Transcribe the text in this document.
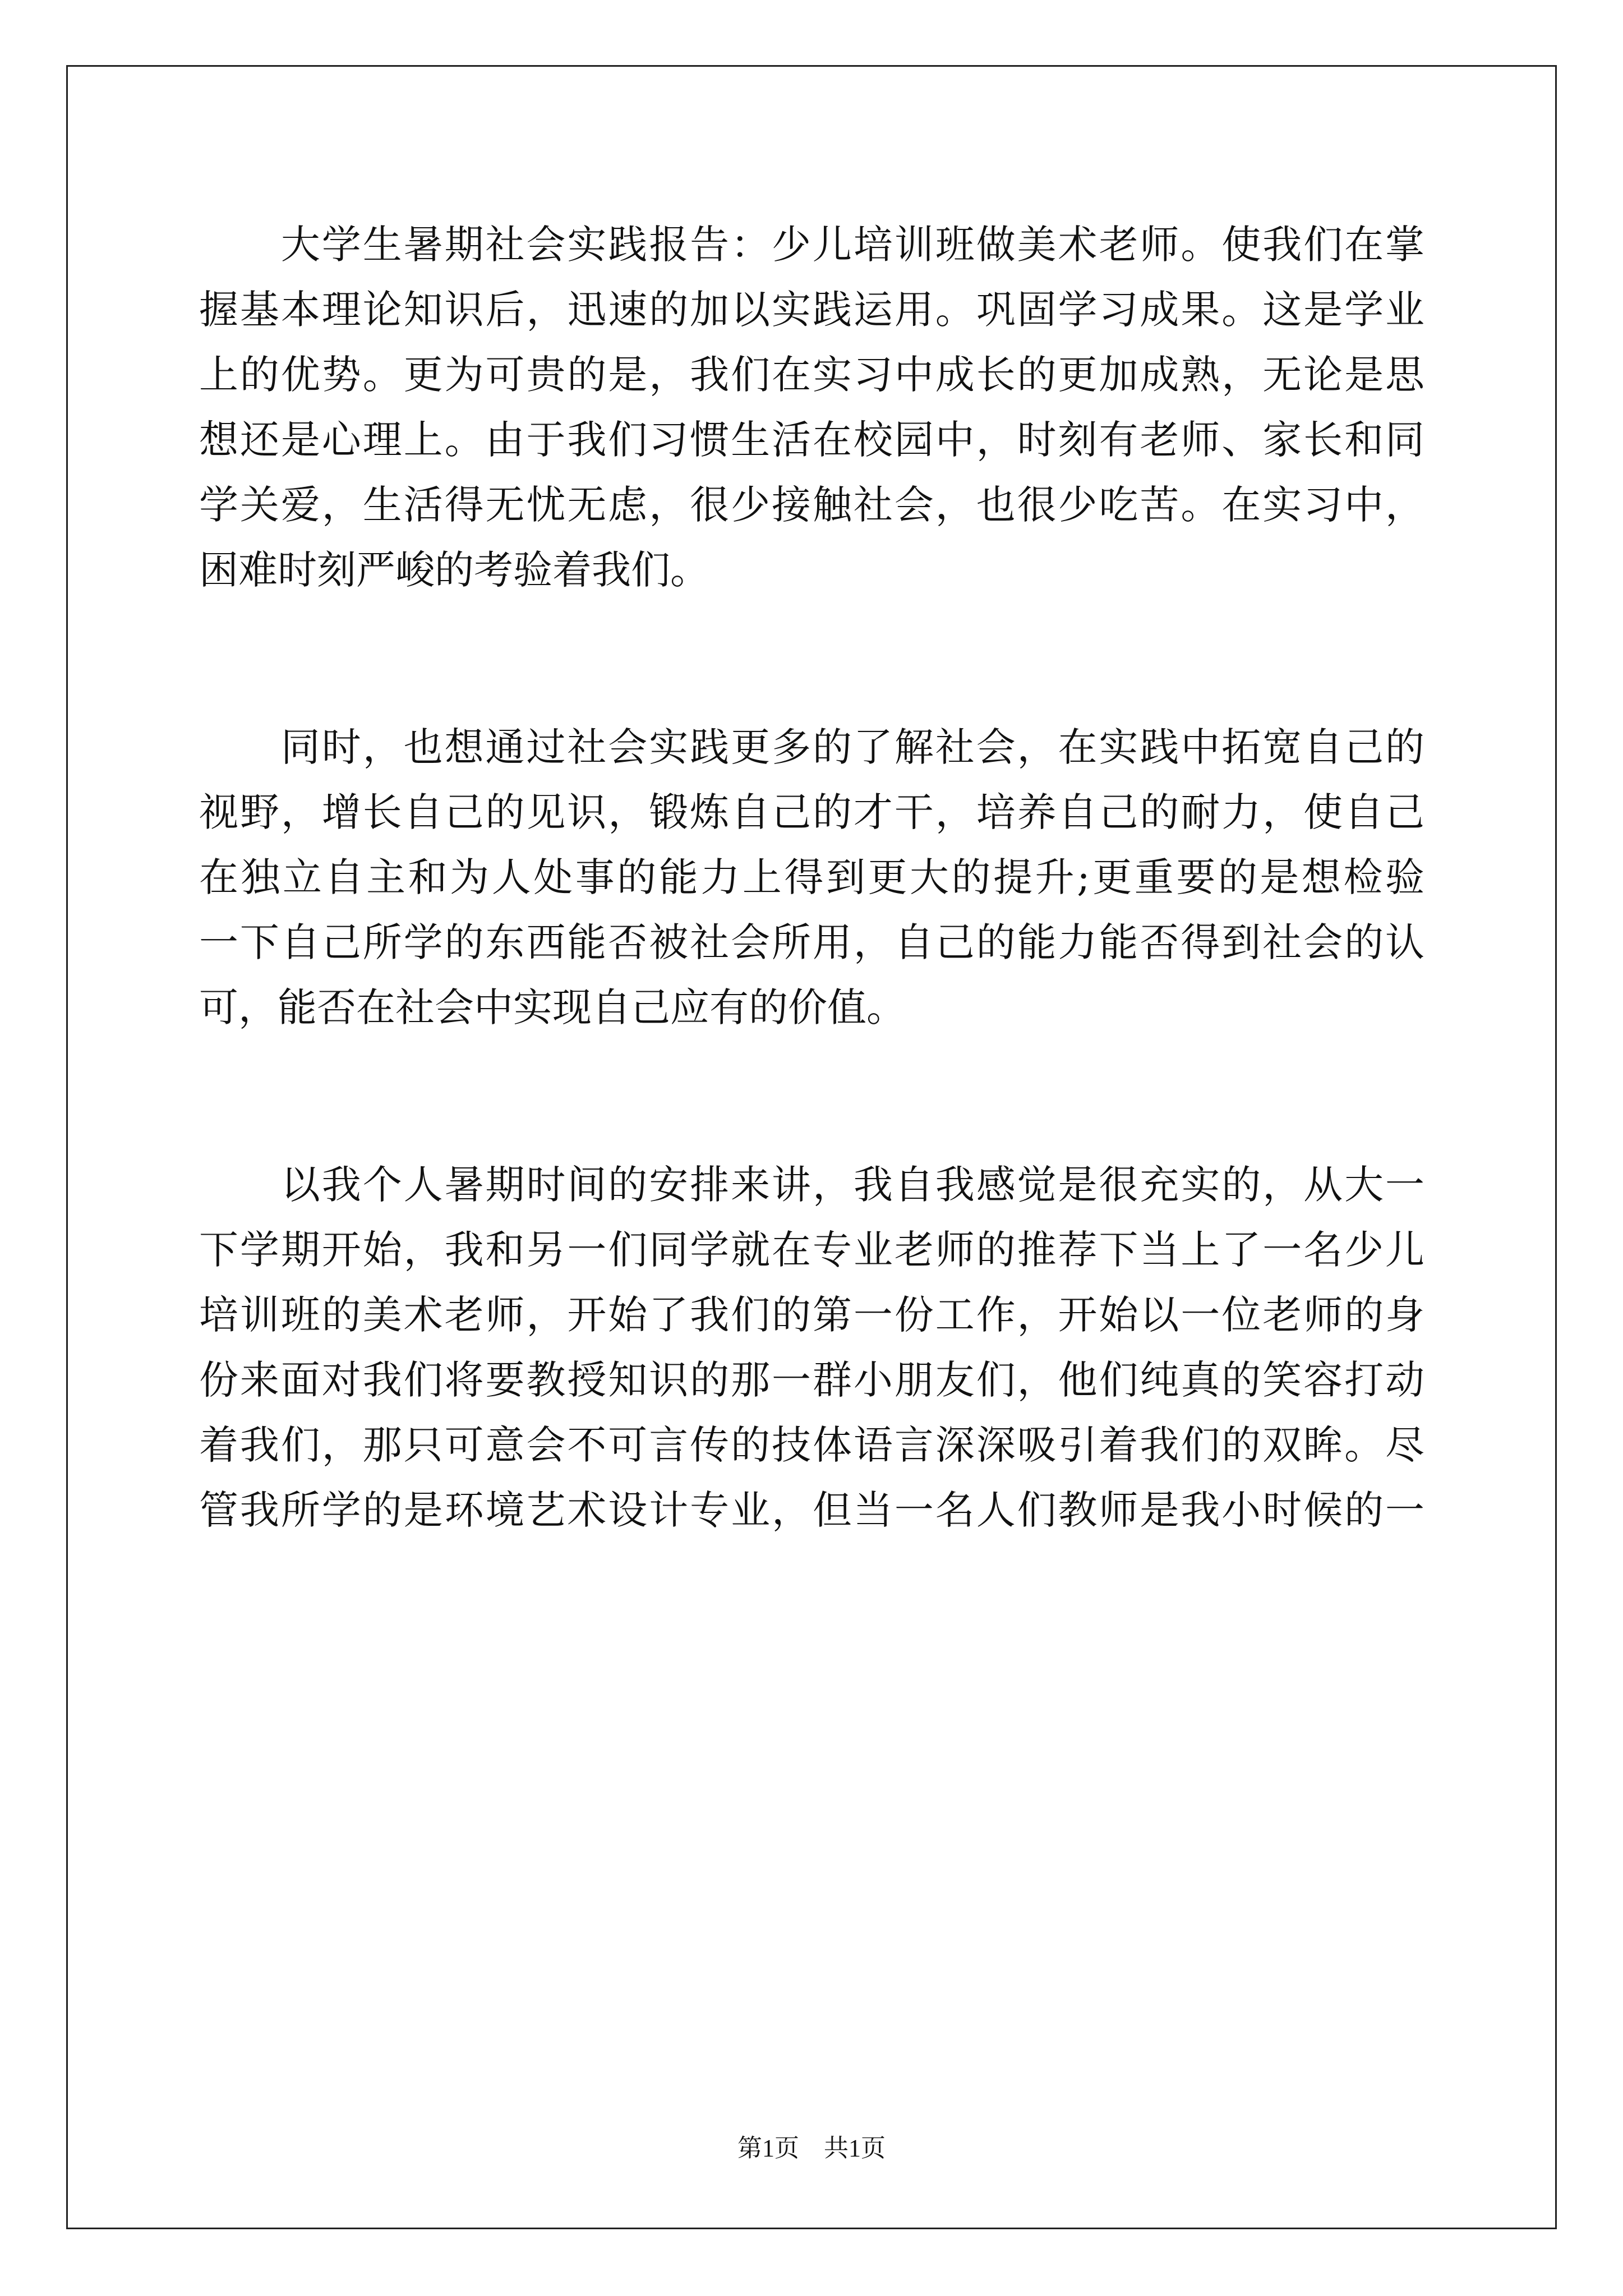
　　大学生暑期社会实践报告：少儿培训班做美术老师。使我们在掌

握基本理论知识后，迅速的加以实践运用。巩固学习成果。这是学业

上的优势。更为可贵的是，我们在实习中成长的更加成熟，无论是思

想还是心理上。由于我们习惯生活在校园中，时刻有老师、家长和同

学关爱，生活得无忧无虑，很少接触社会，也很少吃苦。在实习中，

困难时刻严峻的考验着我们。

　　同时，也想通过社会实践更多的了解社会，在实践中拓宽自己的

视野，增长自己的见识，锻炼自己的才干，培养自己的耐力，使自己

在独立自主和为人处事的能力上得到更大的提升;更重要的是想检验

一下自己所学的东西能否被社会所用，自己的能力能否得到社会的认

可，能否在社会中实现自己应有的价值。

　　以我个人暑期时间的安排来讲，我自我感觉是很充实的，从大一

下学期开始，我和另一们同学就在专业老师的推荐下当上了一名少儿

培训班的美术老师，开始了我们的第一份工作，开始以一位老师的身

份来面对我们将要教授知识的那一群小朋友们，他们纯真的笑容打动

着我们，那只可意会不可言传的技体语言深深吸引着我们的双眸。尽

管我所学的是环境艺术设计专业，但当一名人们教师是我小时候的一

第1页　共1页
